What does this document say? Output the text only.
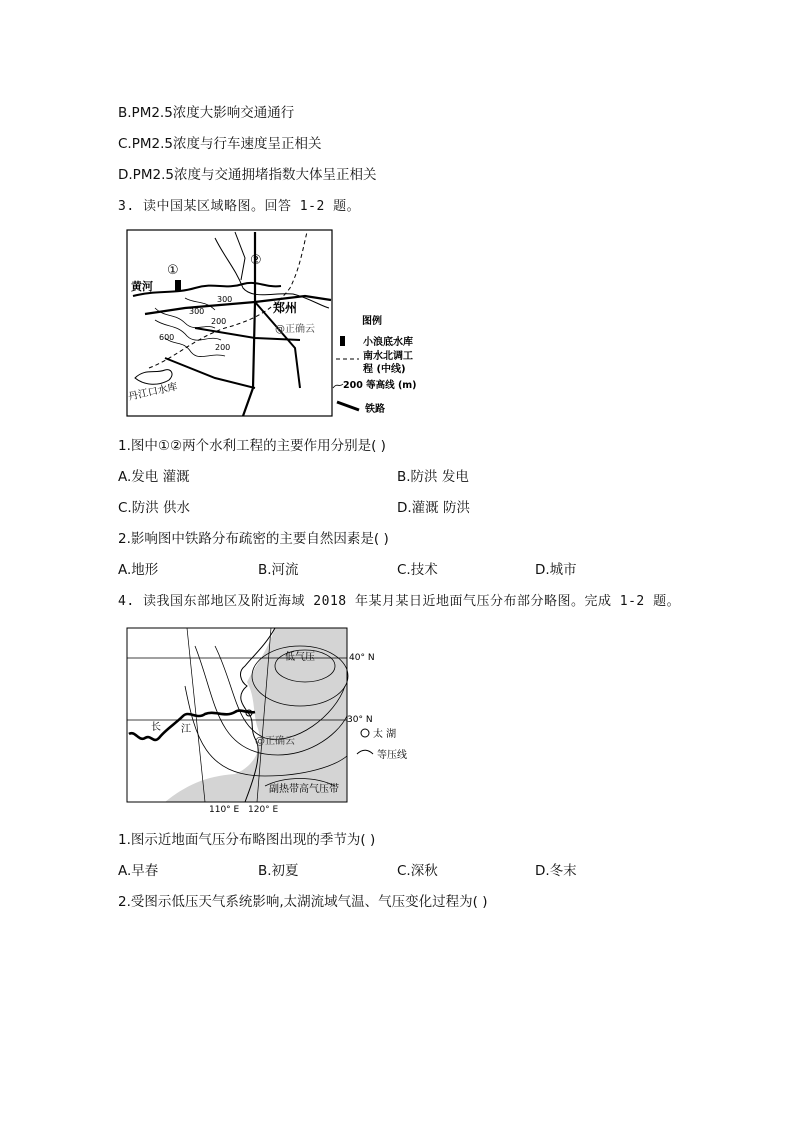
B.PM2.5浓度大影响交通通行
C.PM2.5浓度与行车速度呈正相关
D.PM2.5浓度与交通拥堵指数大体呈正相关
3. 读中国某区域略图。回答 1-2 题。
①
②
黄河
郑州
@正确云
丹江口水库
300
300
200
200
600
图例
小浪底水库
南水北调工
程 (中线)
200 等高线 (m)
铁路
1.图中①②两个水利工程的主要作用分别是( )
A.发电 灌溉	B.防洪 发电
C.防洪 供水	D.灌溉 防洪
2.影响图中铁路分布疏密的主要自然因素是( )
A.地形	B.河流	C.技术	D.城市
4. 读我国东部地区及附近海域 2018 年某月某日近地面气压分布部分略图。完成 1-2 题。
低气压	40° N
30° N
长 江
@正确云
副热带高气压带
110° E
太 湖
等压线
120° E
1.图示近地面气压分布略图出现的季节为( )
A.早春	B.初夏	C.深秋	D.冬末
2.受图示低压天气系统影响,太湖流域气温、气压变化过程为( )
